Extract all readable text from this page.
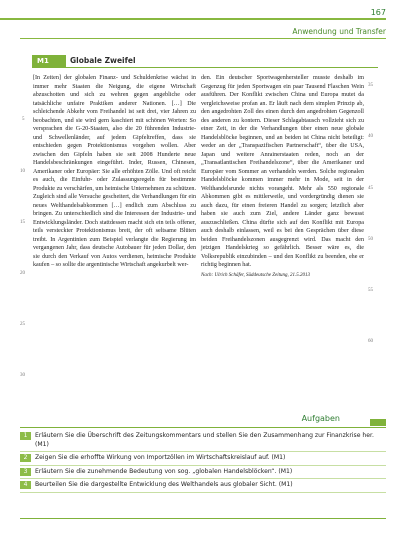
167
Anwendung und Transfer
M1	Globale Zweifel

[In Zeiten] der globalen Finanz- und Schuldenkrise wächst in immer mehr Staaten die Neigung, die eigene Wirtschaft abzuschotten und sich zu wehren gegen angebliche oder tatsächliche unfaire Praktiken anderer Nationen. […] Die schleichende Abkehr vom Freihandel ist seit drei, vier Jahren zu beobachten, und sie wird gern kaschiert mit schönen Worten: So versprachen die G-20-Staaten, also die 20 führenden Industrie- und Schwellenländer, auf jedem Gipfeltreffen, dass sie entschieden gegen Protektionismus vorgehen wollen. Aber zwischen den Gipfeln haben sie seit 2008 Hunderte neue Handelsbeschränkungen eingeführt. Inder, Russen, Chinesen, Amerikaner oder Europäer: Sie alle erhöhten Zölle. Und oft reicht es auch, die Einfuhr- oder Zulassungsregeln für bestimmte Produkte zu verschärfen, um heimische Unternehmen zu schützen. Zugleich sind alle Versuche gescheitert, die Verhandlungen für ein neues Welthandelsabkommen […] endlich zum Abschluss zu bringen. Zu unterschiedlich sind die Interessen der Industrie- und Entwicklungsländer. Doch stattdessen macht sich ein teils offener, teils versteckter Protektionismus breit, der oft seltsame Blüten treibt. In Argentinien zum Beispiel verlangte die Regierung im vergangenen Jahr, dass deutsche Autobauer für jeden Dollar, den sie durch den Verkauf von Autos verdienen, heimische Produkte kaufen – so sollte die argentinische Wirtschaft angekurbelt wer-

den. Ein deutscher Sportwagenhersteller musste deshalb im Gegenzug für jeden Sportwagen ein paar Tausend Flaschen Wein ausführen. Der Konflikt zwischen China und Europa mutet da vergleichsweise profan an. Er läuft nach dem simplen Prinzip ab, den angedrohten Zoll des einen durch den angedrohten Gegenzoll des anderen zu kontern. Dieser Schlagabtausch vollzieht sich zu einer Zeit, in der die Verhandlungen über einen neue globale Handelsblöcke beginnen, und an beiden ist China nicht beteiligt: weder an der „Transpazifischen Partnerschaft“, über die USA, Japan und weitere Anrainerstaaten reden, noch an der „Transatlantischen Freihandelszone“, über die Amerikaner und Europäer vom Sommer an verhandeln werden. Solche regionalen Handelsblöcke kommen immer mehr in Mode, seit in der Welthandelsrunde nichts vorangeht. Mehr als 550 regionale Abkommen gibt es mittlerweile, und vordergründig dienen sie auch dazu, für einen freieren Handel zu sorgen; letztlich aber haben sie auch zum Ziel, andere Länder ganz bewusst auszuschließen. China dürfte sich auf den Konflikt mit Europa auch deshalb einlassen, weil es bei den Gesprächen über diese beiden Freihandelszonen ausgegrenzt wird. Das macht den jetzigen Handelskrieg so gefährlich. Besser wäre es, die Volksrepublik einzubinden – und den Konflikt zu beenden, ehe er richtig beginnen hat.

Nach: Ulrich Schäfer, Süddeutsche Zeitung, 21.5.2013

5
10
15
20
25
30
35
40
45
50
55
60
Aufgaben
1	Erläutern Sie die Überschrift des Zeitungskommentars und stellen Sie den Zusammenhang zur Finanzkrise her. (M1)
2	Zeigen Sie die erhoffte Wirkung von Importzöllen im Wirtschaftskreislauf auf. (M1)
3	Erläutern Sie die zunehmende Bedeutung von sog. „globalen Handelsblöcken“. (M1)
4	Beurteilen Sie die dargestellte Entwicklung des Welthandels aus globaler Sicht. (M1)
